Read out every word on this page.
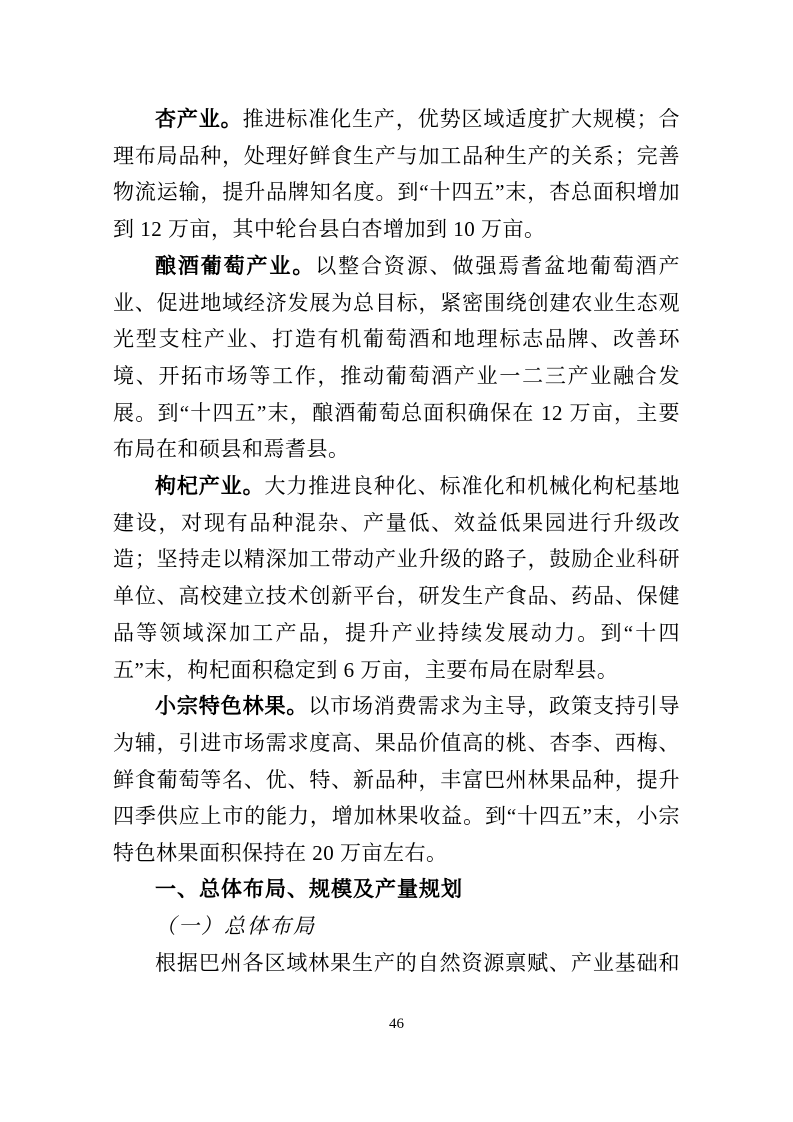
杏产业。推进标准化生产，优势区域适度扩大规模；合理布局品种，处理好鲜食生产与加工品种生产的关系；完善物流运输，提升品牌知名度。到“十四五”末，杏总面积增加到 12 万亩，其中轮台县白杏增加到 10 万亩。

酿酒葡萄产业。以整合资源、做强焉耆盆地葡萄酒产业、促进地域经济发展为总目标，紧密围绕创建农业生态观光型支柱产业、打造有机葡萄酒和地理标志品牌、改善环境、开拓市场等工作，推动葡萄酒产业一二三产业融合发展。到“十四五”末，酿酒葡萄总面积确保在 12 万亩，主要布局在和硕县和焉耆县。

枸杞产业。大力推进良种化、标准化和机械化枸杞基地建设，对现有品种混杂、产量低、效益低果园进行升级改造；坚持走以精深加工带动产业升级的路子，鼓励企业科研单位、高校建立技术创新平台，研发生产食品、药品、保健品等领域深加工产品，提升产业持续发展动力。到“十四五”末，枸杞面积稳定到 6 万亩，主要布局在尉犁县。

小宗特色林果。以市场消费需求为主导，政策支持引导为辅，引进市场需求度高、果品价值高的桃、杏李、西梅、鲜食葡萄等名、优、特、新品种，丰富巴州林果品种，提升四季供应上市的能力，增加林果收益。到“十四五”末，小宗特色林果面积保持在 20 万亩左右。

一、总体布局、规模及产量规划
（一）总体布局

根据巴州各区域林果生产的自然资源禀赋、产业基础和

46
